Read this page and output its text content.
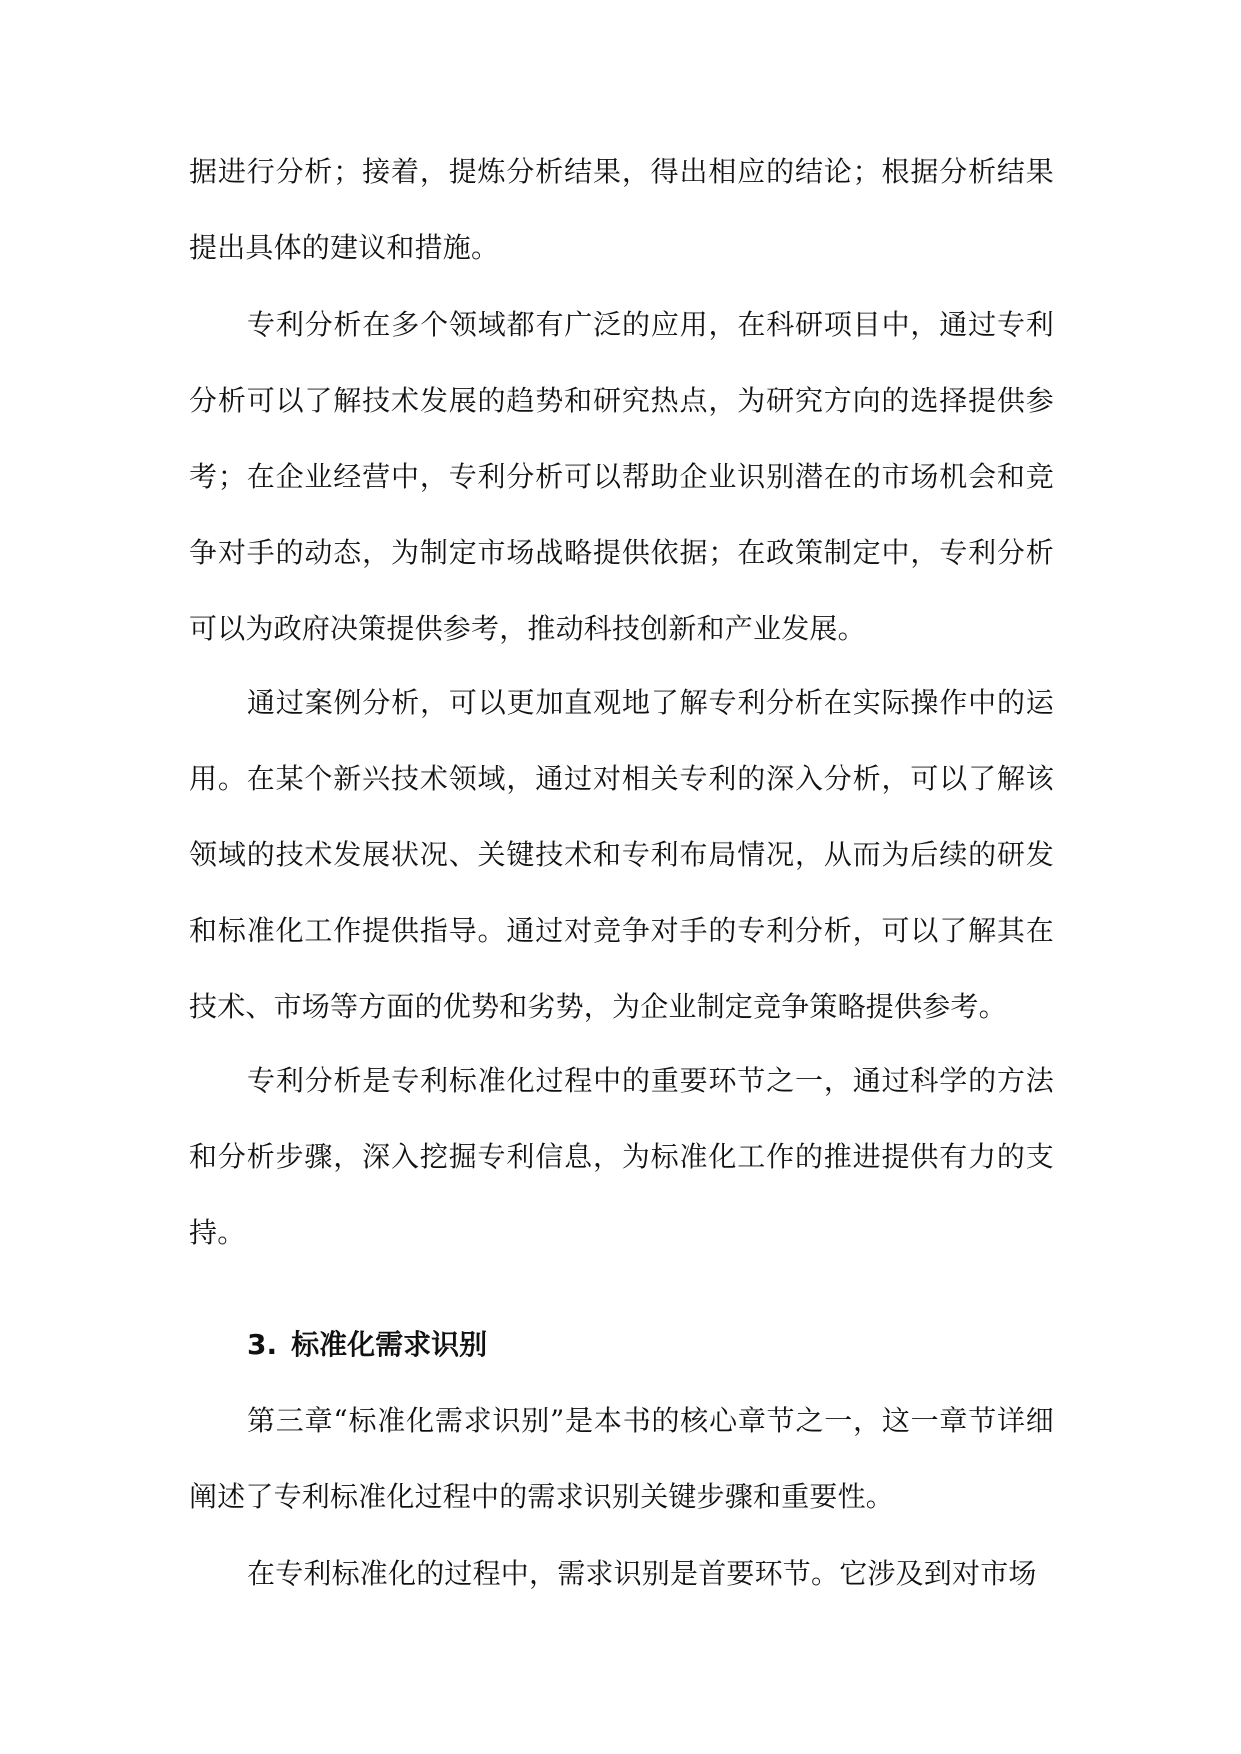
据进行分析；接着，提炼分析结果，得出相应的结论；根据分析结果提出具体的建议和措施。

专利分析在多个领域都有广泛的应用，在科研项目中，通过专利分析可以了解技术发展的趋势和研究热点，为研究方向的选择提供参考；在企业经营中，专利分析可以帮助企业识别潜在的市场机会和竞争对手的动态，为制定市场战略提供依据；在政策制定中，专利分析可以为政府决策提供参考，推动科技创新和产业发展。

通过案例分析，可以更加直观地了解专利分析在实际操作中的运用。在某个新兴技术领域，通过对相关专利的深入分析，可以了解该领域的技术发展状况、关键技术和专利布局情况，从而为后续的研发和标准化工作提供指导。通过对竞争对手的专利分析，可以了解其在技术、市场等方面的优势和劣势，为企业制定竞争策略提供参考。

专利分析是专利标准化过程中的重要环节之一，通过科学的方法和分析步骤，深入挖掘专利信息，为标准化工作的推进提供有力的支持。

3. 标准化需求识别

第三章“标准化需求识别”是本书的核心章节之一，这一章节详细阐述了专利标准化过程中的需求识别关键步骤和重要性。

在专利标准化的过程中，需求识别是首要环节。它涉及到对市场
